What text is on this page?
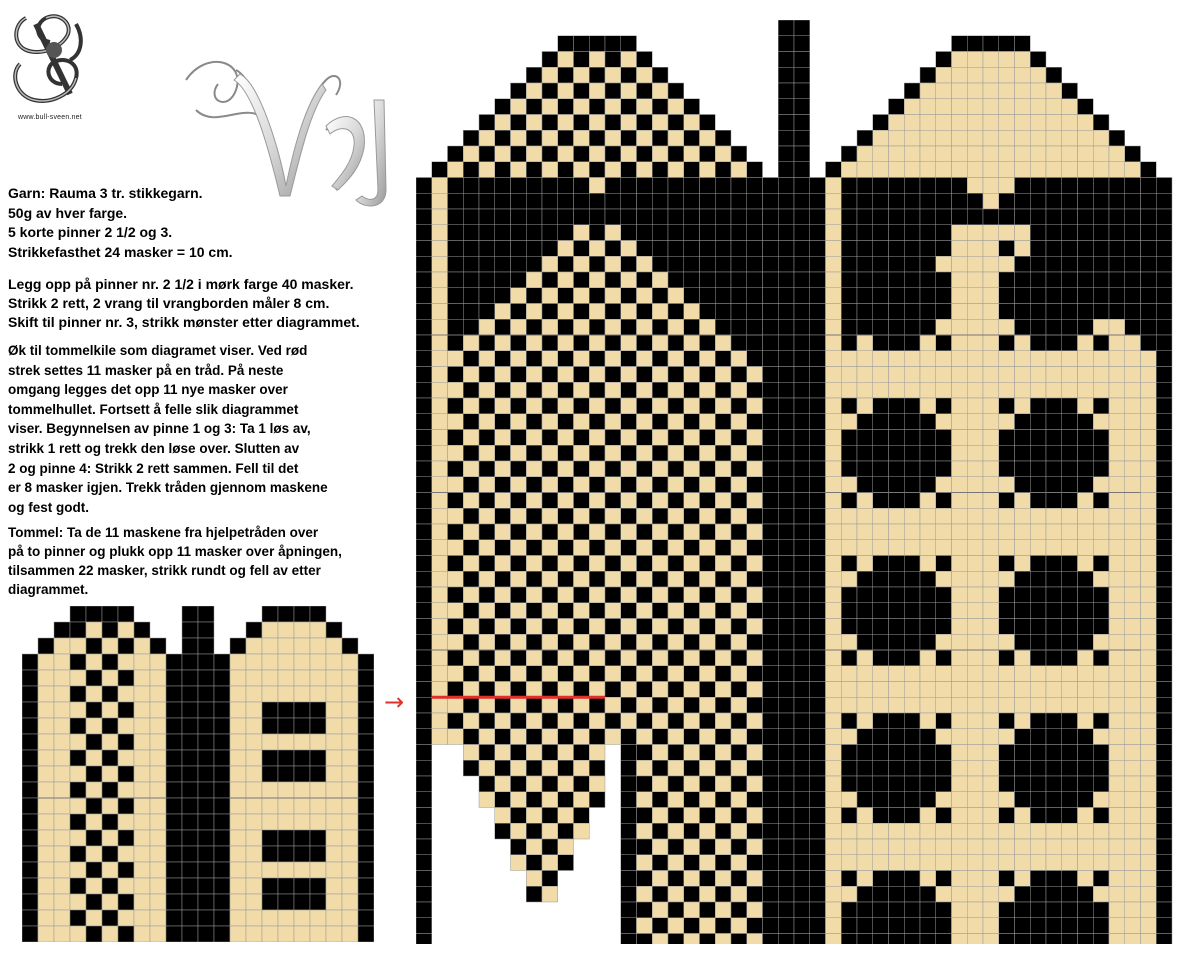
www.bull-sveen.net
Garn: Rauma 3 tr. stikkegarn.
50g av hver farge.
5 korte pinner 2 1/2 og 3.
Strikkefasthet 24 masker = 10 cm.
Legg opp på pinner nr. 2 1/2 i mørk farge 40 masker.
Strikk 2 rett, 2 vrang til vrangborden måler 8 cm.
Skift til pinner nr. 3, strikk mønster etter diagrammet.
Øk til tommelkile som diagramet viser. Ved rød
strek settes 11 masker på en tråd. På neste
omgang legges det opp 11 nye masker over
tommelhullet. Fortsett å felle slik diagrammet
viser. Begynnelsen av pinne 1 og 3: Ta 1 løs av,
strikk 1 rett og trekk den løse over. Slutten av
2 og pinne 4: Strikk 2 rett sammen. Fell til det
er 8 masker igjen. Trekk tråden gjennom maskene
og fest godt.
Tommel: Ta de 11 maskene fra hjelpetråden over
på to pinner og plukk opp 11 masker over åpningen,
tilsammen 22 masker, strikk rundt og fell av etter
diagrammet.
→
